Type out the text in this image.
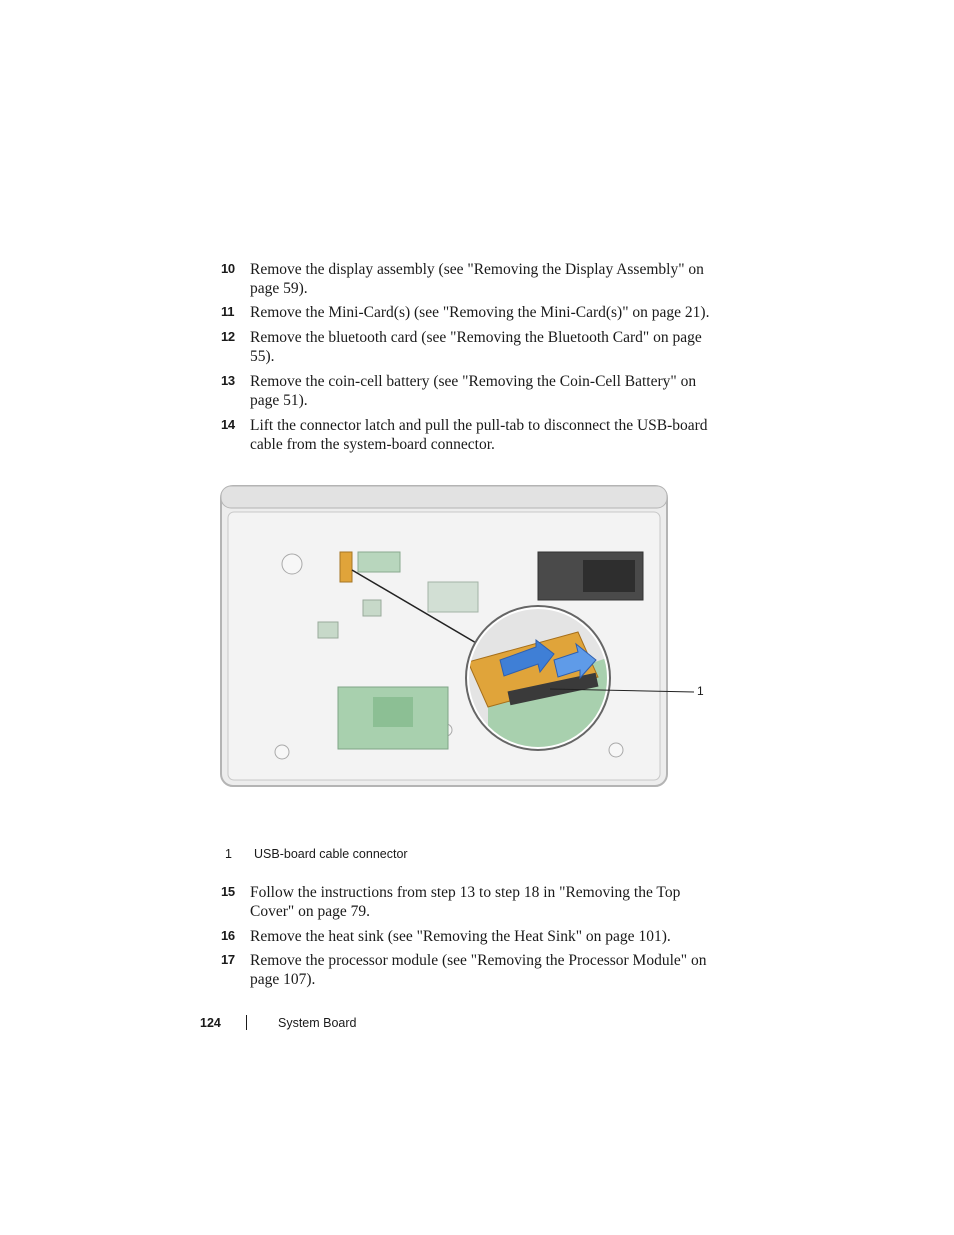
10 Remove the display assembly (see "Removing the Display Assembly" on page 59).
11	Remove the Mini-Card(s) (see "Removing the Mini-Card(s)" on page 21).
12 Remove the bluetooth card (see "Removing the Bluetooth Card" on page 55).
13 Remove the coin-cell battery (see "Removing the Coin-Cell Battery" on page 51).
14 Lift the connector latch and pull the pull-tab to disconnect the USB-board cable from the system-board connector.
1
1 USB-board cable connector
15 Follow the instructions from step 13 to step 18 in "Removing the Top Cover" on page 79.
16 Remove the heat sink (see "Removing the Heat Sink" on page 101).
17 Remove the processor module (see "Removing the Processor Module" on page 107).
124	System Board
